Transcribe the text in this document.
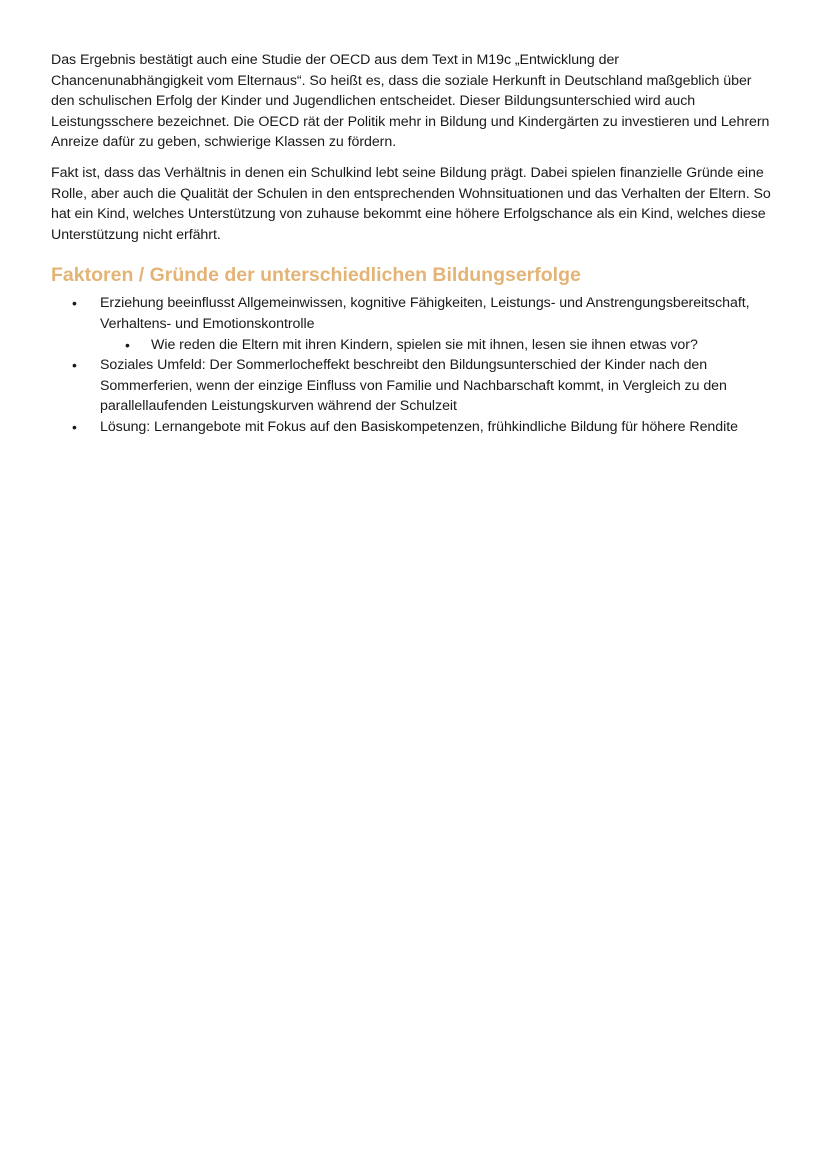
Das Ergebnis bestätigt auch eine Studie der OECD aus dem Text in M19c „Entwicklung der Chancenunabhängigkeit vom Elternaus“. So heißt es, dass die soziale Herkunft in Deutschland maßgeblich über den schulischen Erfolg der Kinder und Jugendlichen entscheidet. Dieser Bildungsunterschied wird auch Leistungsschere bezeichnet. Die OECD rät der Politik mehr in Bildung und Kindergärten zu investieren und Lehrern Anreize dafür zu geben, schwierige Klassen zu fördern.

Fakt ist, dass das Verhältnis in denen ein Schulkind lebt seine Bildung prägt. Dabei spielen finanzielle Gründe eine Rolle, aber auch die Qualität der Schulen in den entsprechenden Wohnsituationen und das Verhalten der Eltern. So hat ein Kind, welches Unterstützung von zuhause bekommt eine höhere Erfolgschance als ein Kind, welches diese Unterstützung nicht erfährt.

Faktoren / Gründe der unterschiedlichen Bildungserfolge
• Erziehung beeinflusst Allgemeinwissen, kognitive Fähigkeiten, Leistungs- und Anstrengungsbereitschaft, Verhaltens- und Emotionskontrolle
• Wie reden die Eltern mit ihren Kindern, spielen sie mit ihnen, lesen sie ihnen etwas vor?
• Soziales Umfeld: Der Sommerlocheffekt beschreibt den Bildungsunterschied der Kinder nach den Sommerferien, wenn der einzige Einfluss von Familie und Nachbarschaft kommt, in Vergleich zu den parallellaufenden Leistungskurven während der Schulzeit
• Lösung: Lernangebote mit Fokus auf den Basiskompetenzen, frühkindliche Bildung für höhere Rendite
